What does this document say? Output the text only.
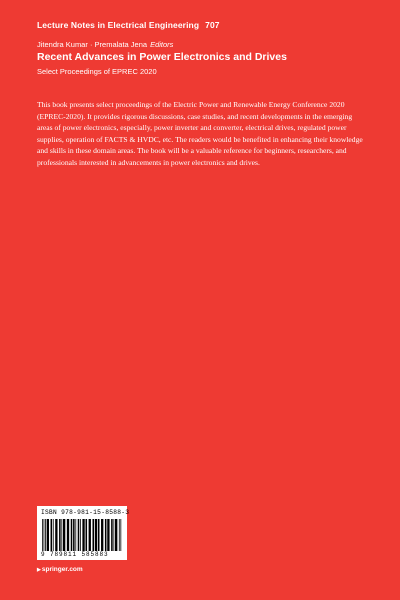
Lecture Notes in Electrical Engineering 707
Jitendra Kumar · Premalata Jena Editors
Recent Advances in Power Electronics and Drives
Select Proceedings of EPREC 2020

This book presents select proceedings of the Electric Power and Renewable Energy Conference 2020 (EPREC-2020). It provides rigorous discussions, case studies, and recent developments in the emerging areas of power electronics, especially, power inverter and converter, electrical drives, regulated power supplies, operation of FACTS & HVDC, etc. The readers would be benefited in enhancing their knowledge and skills in these domain areas. The book will be a valuable reference for beginners, researchers, and professionals interested in advancements in power electronics and drives.

ISBN 978-981-15-8588-3
9 789811 585883
▶springer.com
